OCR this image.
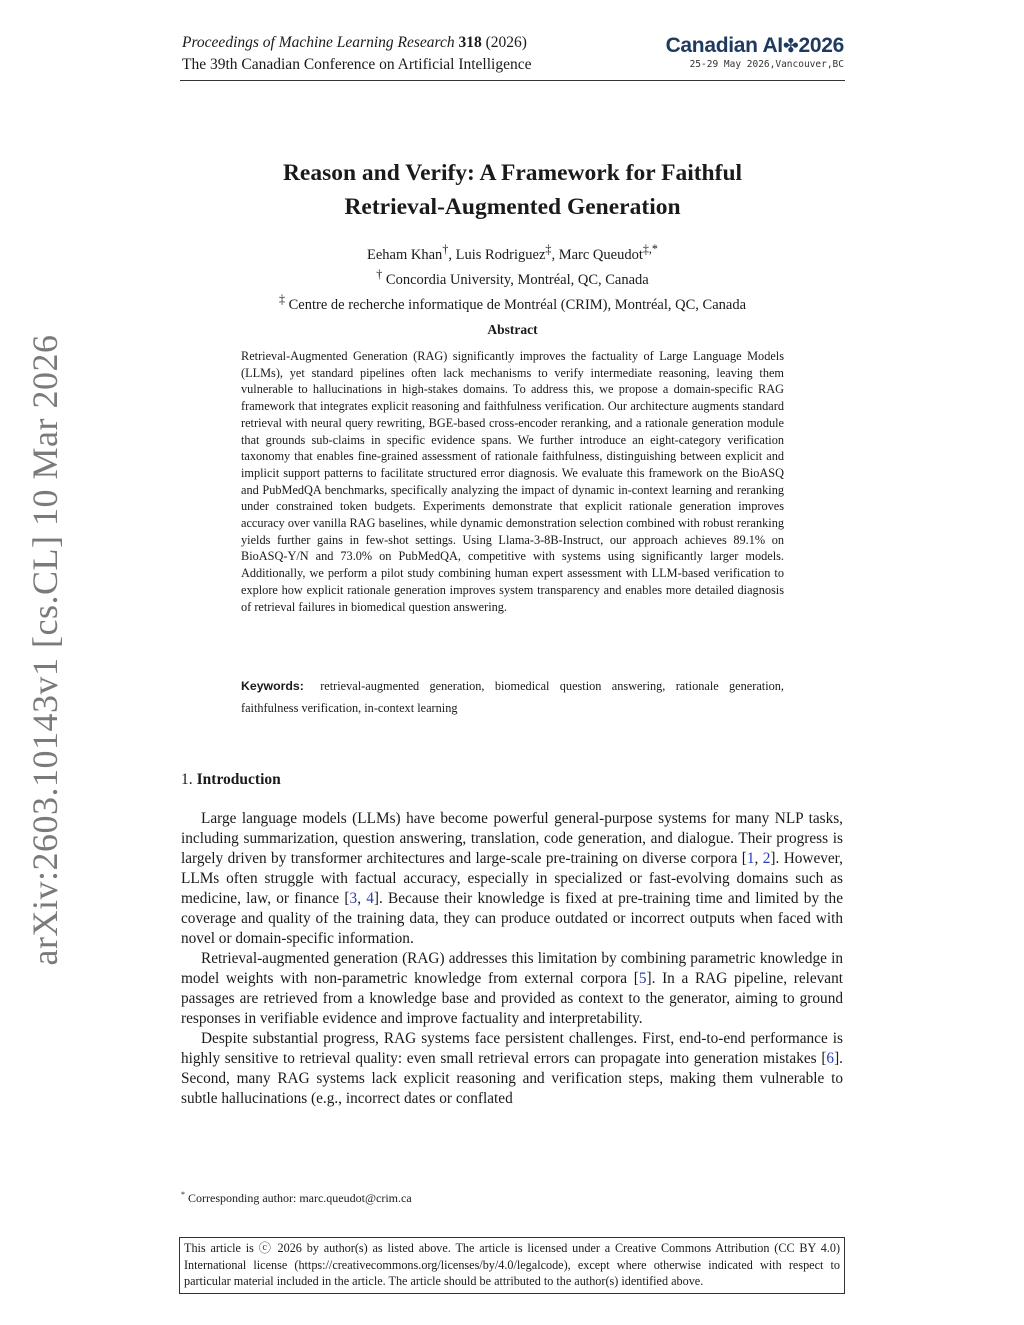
arXiv:2603.10143v1 [cs.CL] 10 Mar 2026
Proceedings of Machine Learning Research 318 (2026)
The 39th Canadian Conference on Artificial Intelligence
Canadian AI✤2026
25-29 May 2026,Vancouver,BC
Reason and Verify: A Framework for Faithful
Retrieval-Augmented Generation
Eeham Khan†, Luis Rodriguez‡, Marc Queudot‡,*
† Concordia University, Montréal, QC, Canada
‡ Centre de recherche informatique de Montréal (CRIM), Montréal, QC, Canada
Abstract
Retrieval-Augmented Generation (RAG) significantly improves the factuality of Large Language Models (LLMs), yet standard pipelines often lack mechanisms to verify intermediate reasoning, leaving them vulnerable to hallucinations in high-stakes domains. To address this, we propose a domain-specific RAG framework that integrates explicit reasoning and faithfulness verification. Our architecture augments standard retrieval with neural query rewriting, BGE-based cross-encoder reranking, and a rationale generation module that grounds sub-claims in specific evidence spans. We further introduce an eight-category verification taxonomy that enables fine-grained assessment of rationale faithfulness, distinguishing between explicit and implicit support patterns to facilitate structured error diagnosis. We evaluate this framework on the BioASQ and PubMedQA benchmarks, specifically analyzing the impact of dynamic in-context learning and reranking under constrained token budgets. Experiments demonstrate that explicit rationale generation improves accuracy over vanilla RAG baselines, while dynamic demonstration selection combined with robust reranking yields further gains in few-shot settings. Using Llama-3-8B-Instruct, our approach achieves 89.1% on BioASQ-Y/N and 73.0% on PubMedQA, competitive with systems using significantly larger models. Additionally, we perform a pilot study combining human expert assessment with LLM-based verification to explore how explicit rationale generation improves system transparency and enables more detailed diagnosis of retrieval failures in biomedical question answering.
Keywords: retrieval-augmented generation, biomedical question answering, rationale generation, faithfulness verification, in-context learning
1. Introduction

Large language models (LLMs) have become powerful general-purpose systems for many NLP tasks, including summarization, question answering, translation, code generation, and dialogue. Their progress is largely driven by transformer architectures and large-scale pre-training on diverse corpora [1, 2]. However, LLMs often struggle with factual accuracy, especially in specialized or fast-evolving domains such as medicine, law, or finance [3, 4]. Because their knowledge is fixed at pre-training time and limited by the coverage and quality of the training data, they can produce outdated or incorrect outputs when faced with novel or domain-specific information.

Retrieval-augmented generation (RAG) addresses this limitation by combining parametric knowledge in model weights with non-parametric knowledge from external corpora [5]. In a RAG pipeline, relevant passages are retrieved from a knowledge base and provided as context to the generator, aiming to ground responses in verifiable evidence and improve factuality and interpretability.

Despite substantial progress, RAG systems face persistent challenges. First, end-to-end performance is highly sensitive to retrieval quality: even small retrieval errors can propagate into generation mistakes [6]. Second, many RAG systems lack explicit reasoning and verification steps, making them vulnerable to subtle hallucinations (e.g., incorrect dates or conflated

* Corresponding author: marc.queudot@crim.ca
This article is ⓒ 2026 by author(s) as listed above. The article is licensed under a Creative Commons Attribution (CC BY 4.0) International license (https://creativecommons.org/licenses/by/4.0/legalcode), except where otherwise indicated with respect to particular material included in the article. The article should be attributed to the author(s) identified above.
